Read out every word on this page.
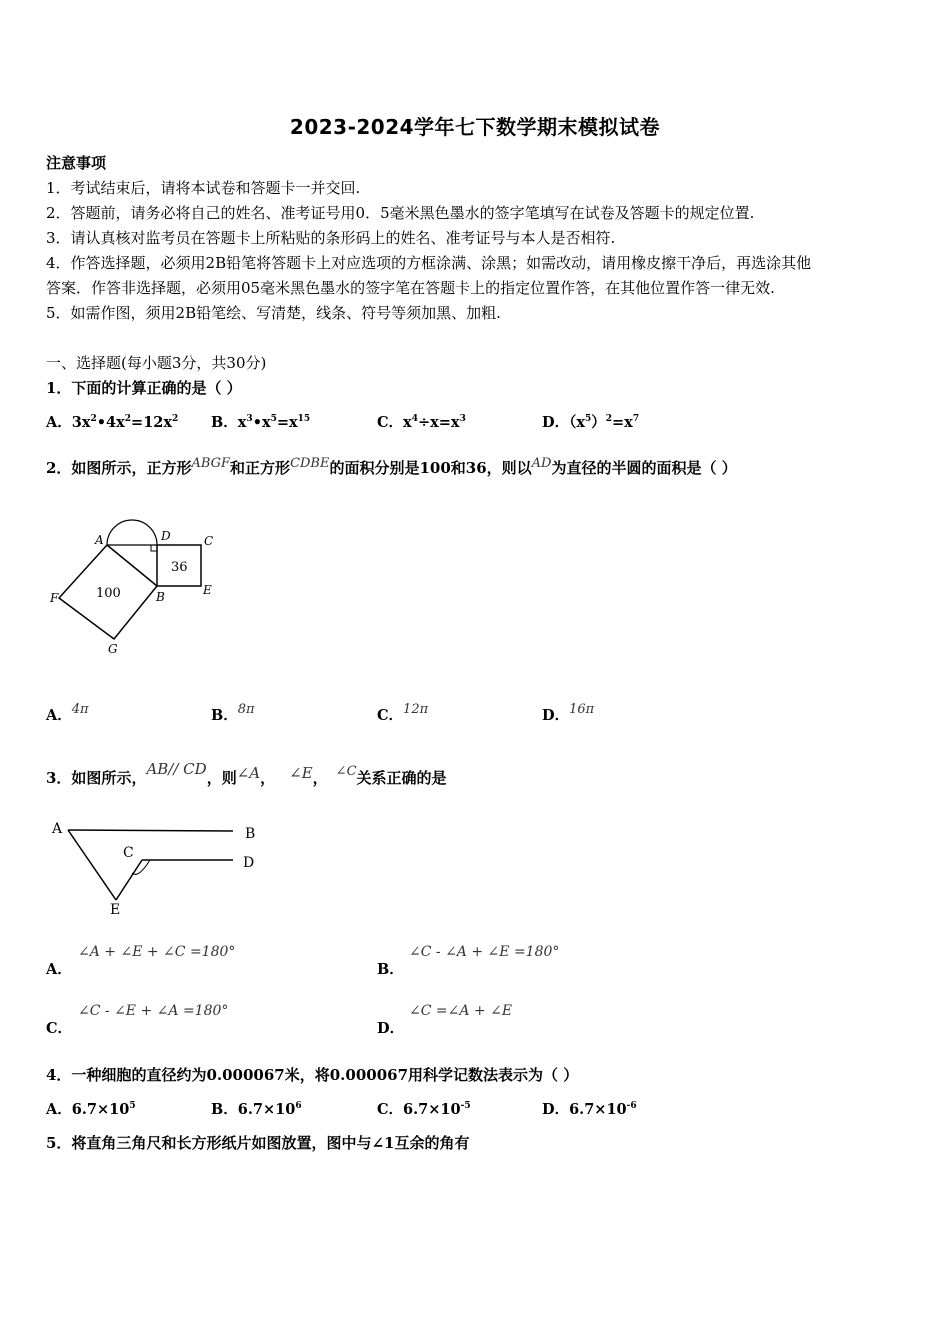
2023-2024学年七下数学期末模拟试卷
注意事项
1．考试结束后，请将本试卷和答题卡一并交回.
2．答题前，请务必将自己的姓名、准考证号用0．5毫米黑色墨水的签字笔填写在试卷及答题卡的规定位置.
3．请认真核对监考员在答题卡上所粘贴的条形码上的姓名、准考证号与本人是否相符.
4．作答选择题，必须用2B铅笔将答题卡上对应选项的方框涂满、涂黑；如需改动，请用橡皮擦干净后，再选涂其他
答案．作答非选择题，必须用05毫米黑色墨水的签字笔在答题卡上的指定位置作答，在其他位置作答一律无效.
5．如需作图，须用2B铅笔绘、写清楚，线条、符号等须加黑、加粗.
一、选择题(每小题3分，共30分)
1．下面的计算正确的是（ ）
A．$3x^2•4x^2=12x^2$ B．$x^3•x^5=x^{15}$	C．$x^4\div x=x^3$	D．$(x^5)^2=x^7$
2．如图所示，正方形ABGF和正方形CDBE的面积分别是100和36，则以AD为直径的半圆的面积是（ ）
A	D	C
B	E
F
G
100
36
A．4π	B．8π	C．12π	D．16π
3．如图所示，AB// CD，则∠A， ∠E， ∠C关系正确的是
A	B
C
D
E
A．
∠A + ∠E + ∠C =180°
B．
∠C - ∠A + ∠E =180°
C．
∠C - ∠E + ∠A =180°
D．
∠C =∠A + ∠E
4．一种细胞的直径约为0.000067米，将0.000067用科学记数法表示为（ ）
A．$6.7\times 10^5$	B．$6.7\times 10^6$	C．$6.7\times 10^{-5}$	D．$6.7\times 10^{-6}$
5．将直角三角尺和长方形纸片如图放置，图中与∠1互余的角有
